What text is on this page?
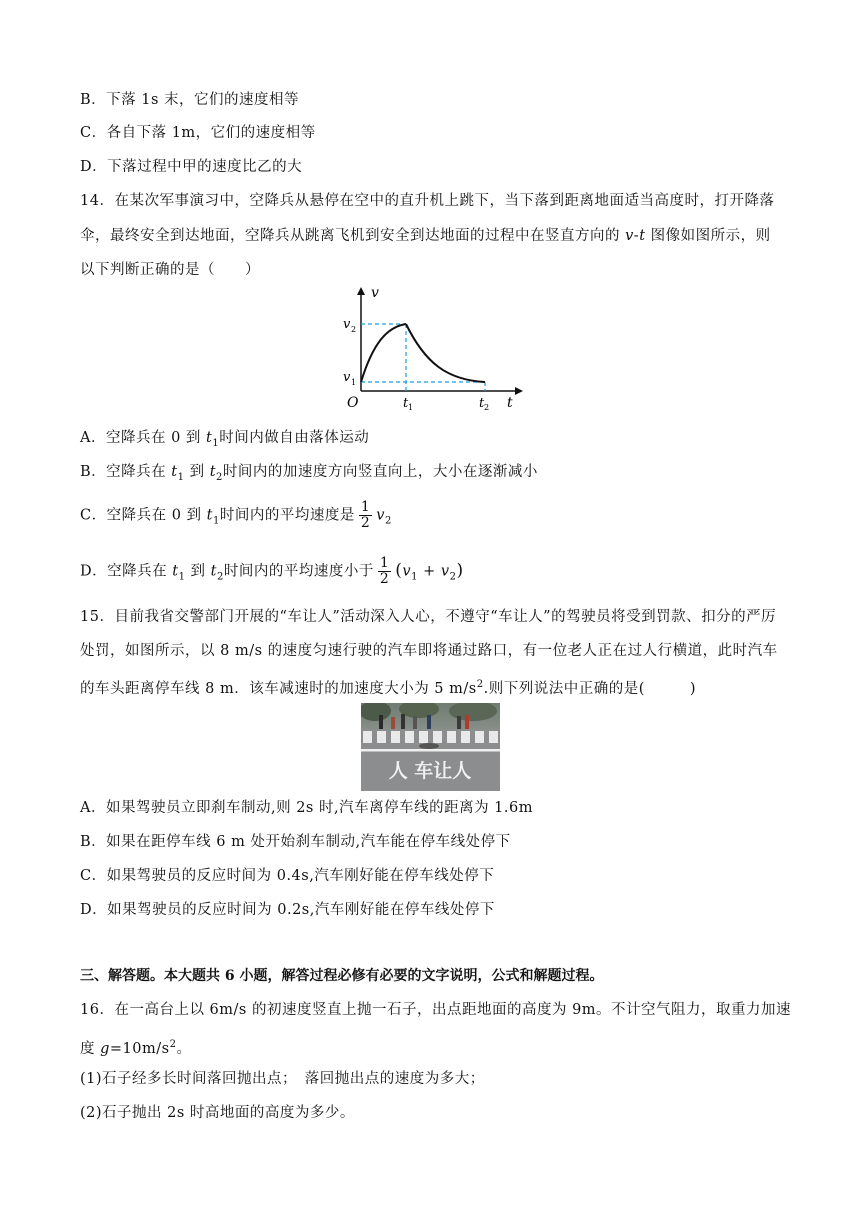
B．下落 1s 末，它们的速度相等
C．各自下落 1m，它们的速度相等
D．下落过程中甲的速度比乙的大
14．在某次军事演习中，空降兵从悬停在空中的直升机上跳下，当下落到距离地面适当高度时，打开降落
伞，最终安全到达地面，空降兵从跳离飞机到安全到达地面的过程中在竖直方向的 v-t 图像如图所示，则
以下判断正确的是（　　）
v
t
O
v 2
v 1
t 1	t 2
A．空降兵在 0 到 $t_1$时间内做自由落体运动
B．空降兵在 $t_1$ 到 $t_2$时间内的加速度方向竖直向上，大小在逐渐减小
C．空降兵在 0 到 $t_1$时间内的平均速度是 $\frac{1}{2} v_2$
D．空降兵在 $t_1$ 到 $t_2$时间内的平均速度小于 $\frac{1}{2} (v_1 + v_2)$
15．目前我省交警部门开展的“车让人”活动深入人心，不遵守“车让人”的驾驶员将受到罚款、扣分的严厉
处罚，如图所示，以 8 m/s 的速度匀速行驶的汽车即将通过路口，有一位老人正在过人行横道，此时汽车
的车头距离停车线 8 m．该车减速时的加速度大小为 5 $m/s^2$.则下列说法中正确的是(　　　)
人 车让人
A．如果驾驶员立即刹车制动,则 2s 时,汽车离停车线的距离为 1.6m
B．如果在距停车线 6 m 处开始刹车制动,汽车能在停车线处停下
C．如果驾驶员的反应时间为 0.4s,汽车刚好能在停车线处停下
D．如果驾驶员的反应时间为 0.2s,汽车刚好能在停车线处停下
三、解答题。本大题共 6 小题，解答过程必修有必要的文字说明，公式和解题过程。
16．在一高台上以 6m/s 的初速度竖直上抛一石子，出点距地面的高度为 9m。不计空气阻力，取重力加速
度 $g=10m/s^2$。
(1)石子经多长时间落回抛出点；　落回抛出点的速度为多大；
(2)石子抛出 2s 时高地面的高度为多少。
